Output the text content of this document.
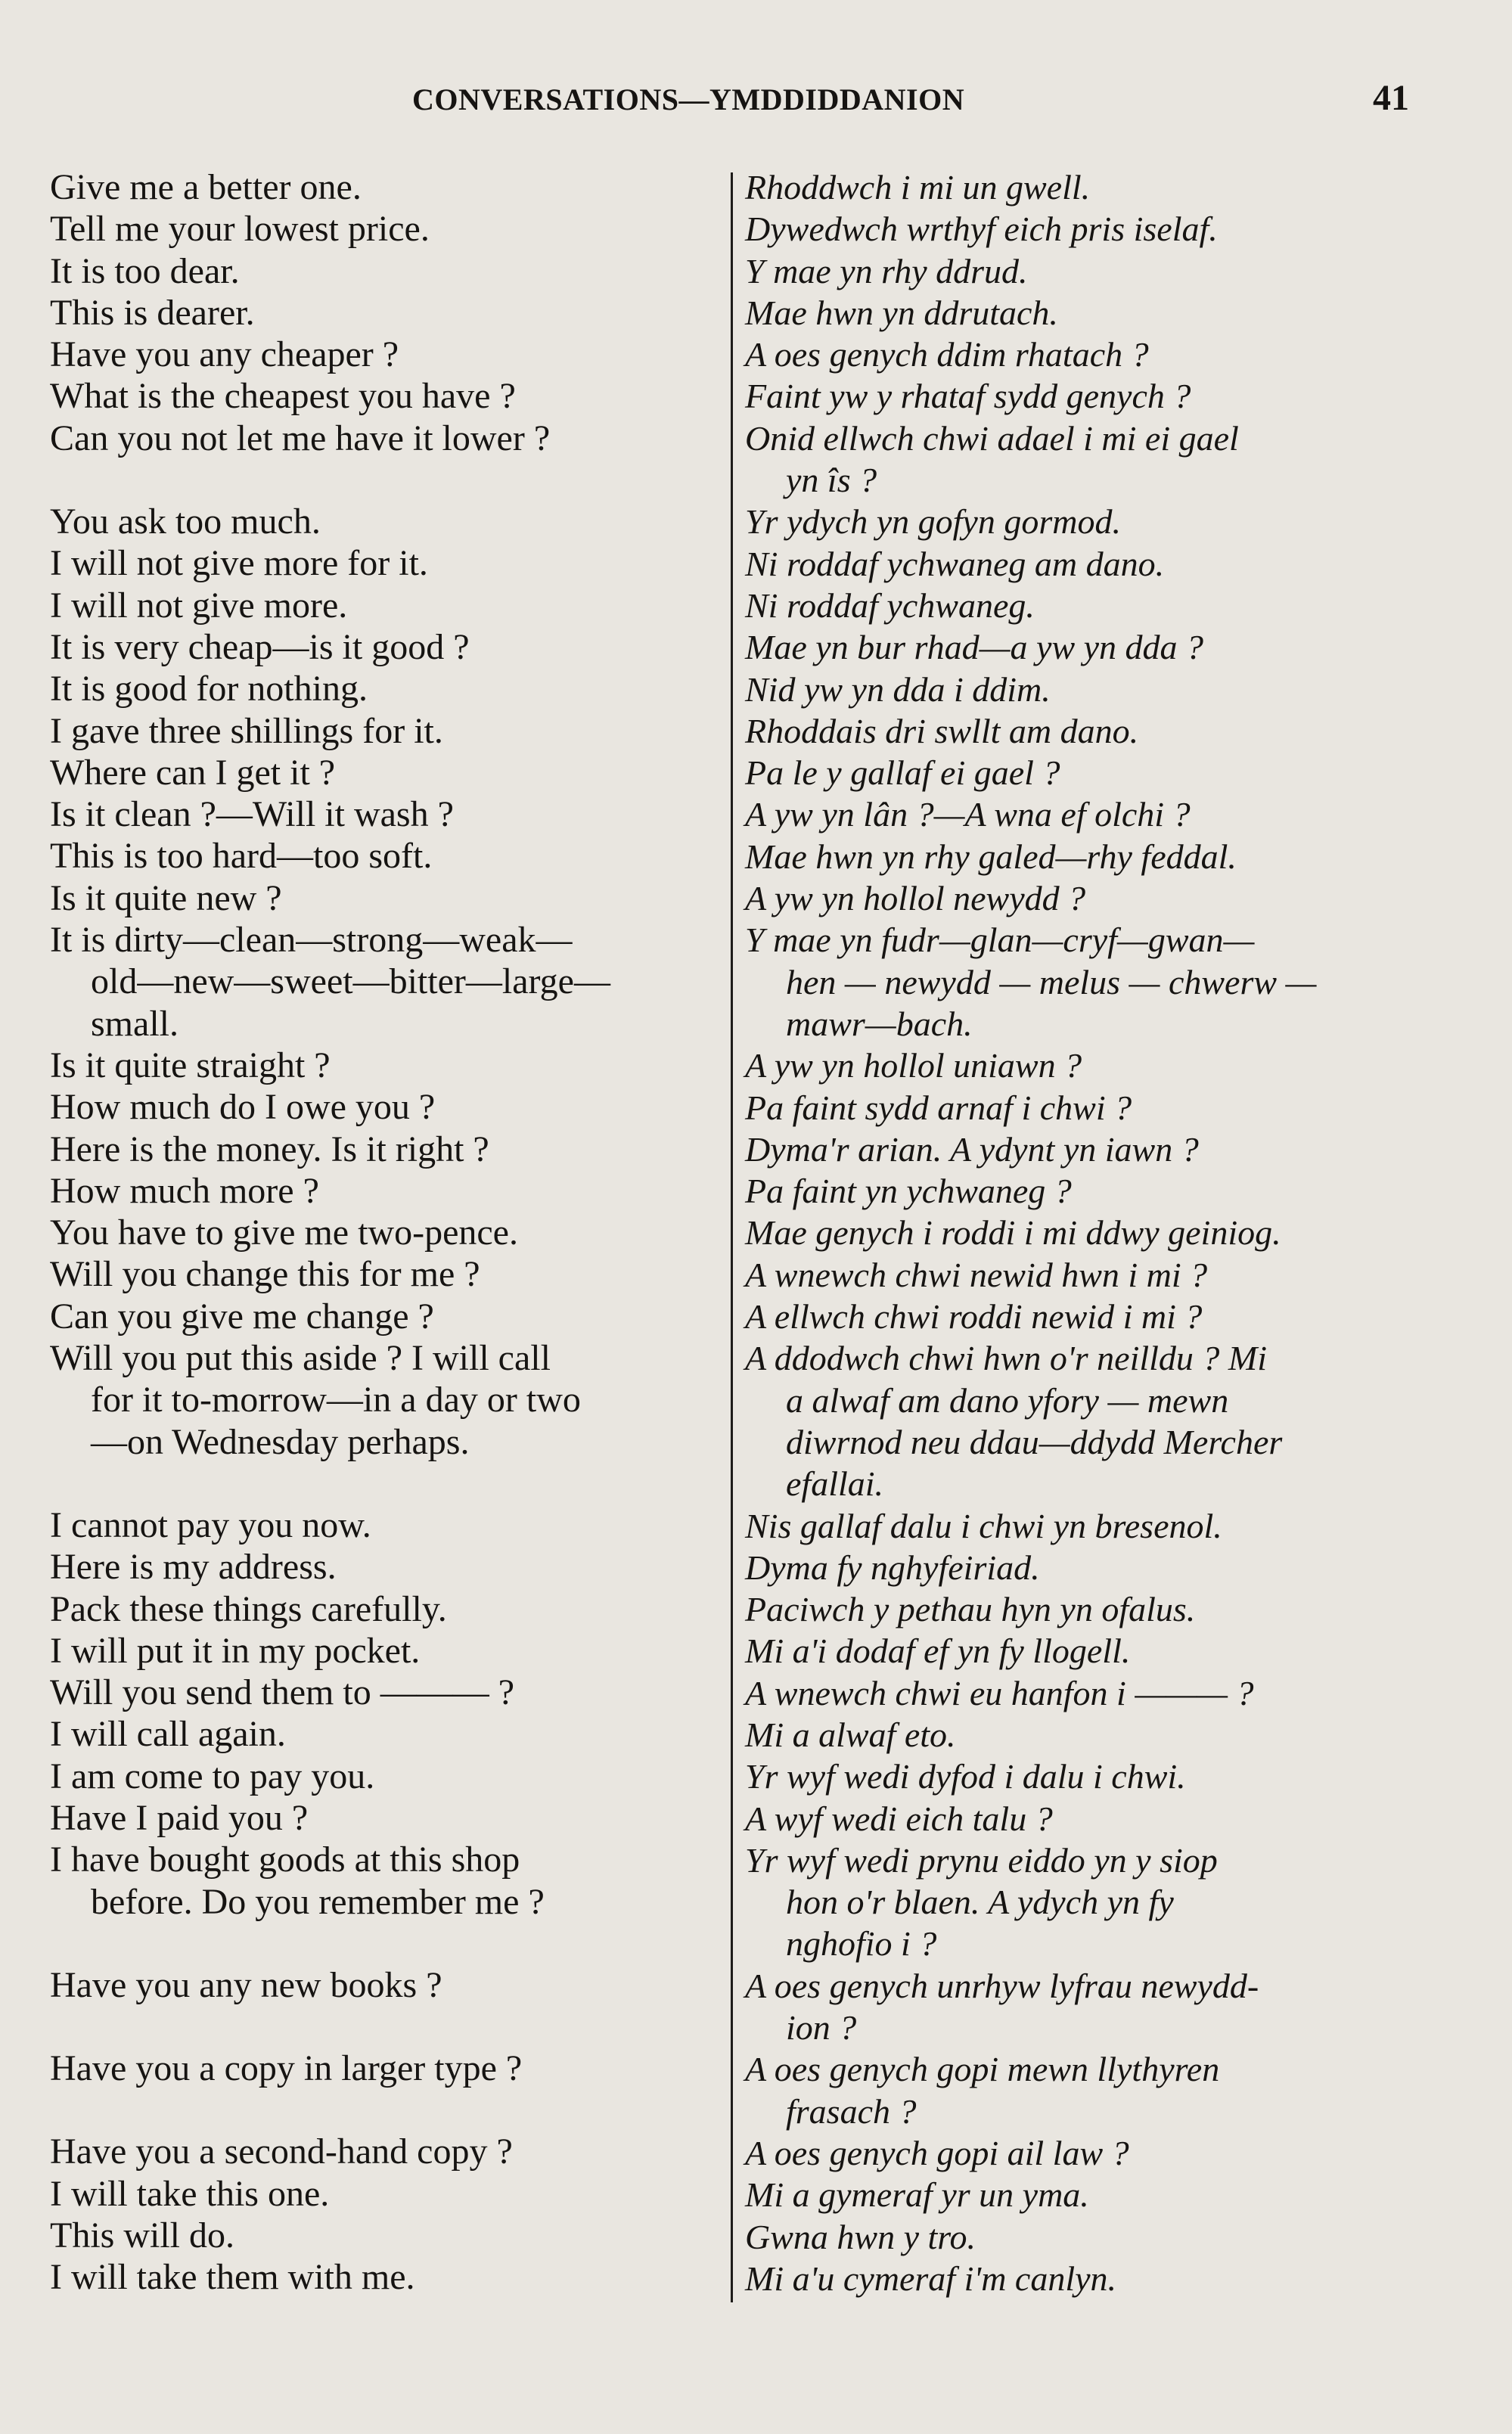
CONVERSATIONS—YMDDIDDANION	41
Give me a better one.
Tell me your lowest price.
It is too dear.
This is dearer.
Have you any cheaper ?
What is the cheapest you have ?
Can you not let me have it lower ?
You ask too much.
I will not give more for it.
I will not give more.
It is very cheap—is it good ?
It is good for nothing.
I gave three shillings for it.
Where can I get it ?
Is it clean ?—Will it wash ?
This is too hard—too soft.
Is it quite new ?
It is dirty—clean—strong—weak—
old—new—sweet—bitter—large—
small.
Is it quite straight ?
How much do I owe you ?
Here is the money. Is it right ?
How much more ?
You have to give me two-pence.
Will you change this for me ?
Can you give me change ?
Will you put this aside ? I will call
for it to-morrow—in a day or two
—on Wednesday perhaps.
I cannot pay you now.
Here is my address.
Pack these things carefully.
I will put it in my pocket.
Will you send them to ——— ?
I will call again.
I am come to pay you.
Have I paid you ?
I have bought goods at this shop
before. Do you remember me ?
Have you any new books ?
Have you a copy in larger type ?
Have you a second-hand copy ?
I will take this one.
This will do.
I will take them with me.
Rhoddwch i mi un gwell.
Dywedwch wrthyf eich pris iselaf.
Y mae yn rhy ddrud.
Mae hwn yn ddrutach.
A oes genych ddim rhatach ?
Faint yw y rhataf sydd genych ?
Onid ellwch chwi adael i mi ei gael
yn îs ?
Yr ydych yn gofyn gormod.
Ni roddaf ychwaneg am dano.
Ni roddaf ychwaneg.
Mae yn bur rhad—a yw yn dda ?
Nid yw yn dda i ddim.
Rhoddais dri swllt am dano.
Pa le y gallaf ei gael ?
A yw yn lân ?—A wna ef olchi ?
Mae hwn yn rhy galed—rhy feddal.
A yw yn hollol newydd ?
Y mae yn fudr—glan—cryf—gwan—
hen — newydd — melus — chwerw —
mawr—bach.
A yw yn hollol uniawn ?
Pa faint sydd arnaf i chwi ?
Dyma'r arian. A ydynt yn iawn ?
Pa faint yn ychwaneg ?
Mae genych i roddi i mi ddwy geiniog.
A wnewch chwi newid hwn i mi ?
A ellwch chwi roddi newid i mi ?
A ddodwch chwi hwn o'r neilldu ? Mi
a alwaf am dano yfory — mewn
diwrnod neu ddau—ddydd Mercher
efallai.
Nis gallaf dalu i chwi yn bresenol.
Dyma fy nghyfeiriad.
Paciwch y pethau hyn yn ofalus.
Mi a'i dodaf ef yn fy llogell.
A wnewch chwi eu hanfon i ——— ?
Mi a alwaf eto.
Yr wyf wedi dyfod i dalu i chwi.
A wyf wedi eich talu ?
Yr wyf wedi prynu eiddo yn y siop
hon o'r blaen. A ydych yn fy
nghofio i ?
A oes genych unrhyw lyfrau newydd-
ion ?
A oes genych gopi mewn llythyren
frasach ?
A oes genych gopi ail law ?
Mi a gymeraf yr un yma.
Gwna hwn y tro.
Mi a'u cymeraf i'm canlyn.
